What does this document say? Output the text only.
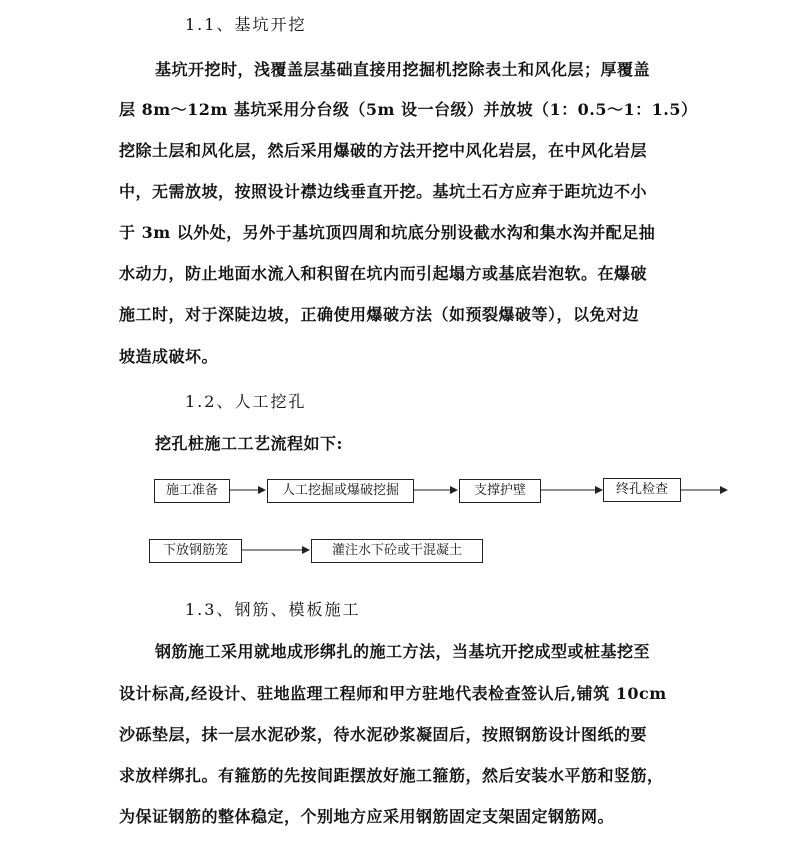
1.1、基坑开挖
基坑开挖时，浅覆盖层基础直接用挖掘机挖除表土和风化层；厚覆盖
层 8m～12m 基坑采用分台级（5m 设一台级）并放坡（1：0.5～1：1.5）
挖除土层和风化层，然后采用爆破的方法开挖中风化岩层，在中风化岩层
中，无需放坡，按照设计襟边线垂直开挖。基坑土石方应弃于距坑边不小
于 3m 以外处，另外于基坑顶四周和坑底分别设截水沟和集水沟并配足抽
水动力，防止地面水流入和积留在坑内而引起塌方或基底岩泡软。在爆破
施工时，对于深陡边坡，正确使用爆破方法（如预裂爆破等），以免对边
坡造成破坏。
1.2、人工挖孔
挖孔桩施工工艺流程如下:
施工准备	人工挖掘或爆破挖掘	支撑护壁	终孔检查
下放钢筋笼	灌注水下砼或干混凝土
1.3、钢筋、模板施工
钢筋施工采用就地成形绑扎的施工方法，当基坑开挖成型或桩基挖至
设计标高,经设计、驻地监理工程师和甲方驻地代表检查签认后,铺筑 10cm
沙砾垫层，抹一层水泥砂浆，待水泥砂浆凝固后，按照钢筋设计图纸的要
求放样绑扎。有箍筋的先按间距摆放好施工箍筋，然后安装水平筋和竖筋，
为保证钢筋的整体稳定，个别地方应采用钢筋固定支架固定钢筋网。
